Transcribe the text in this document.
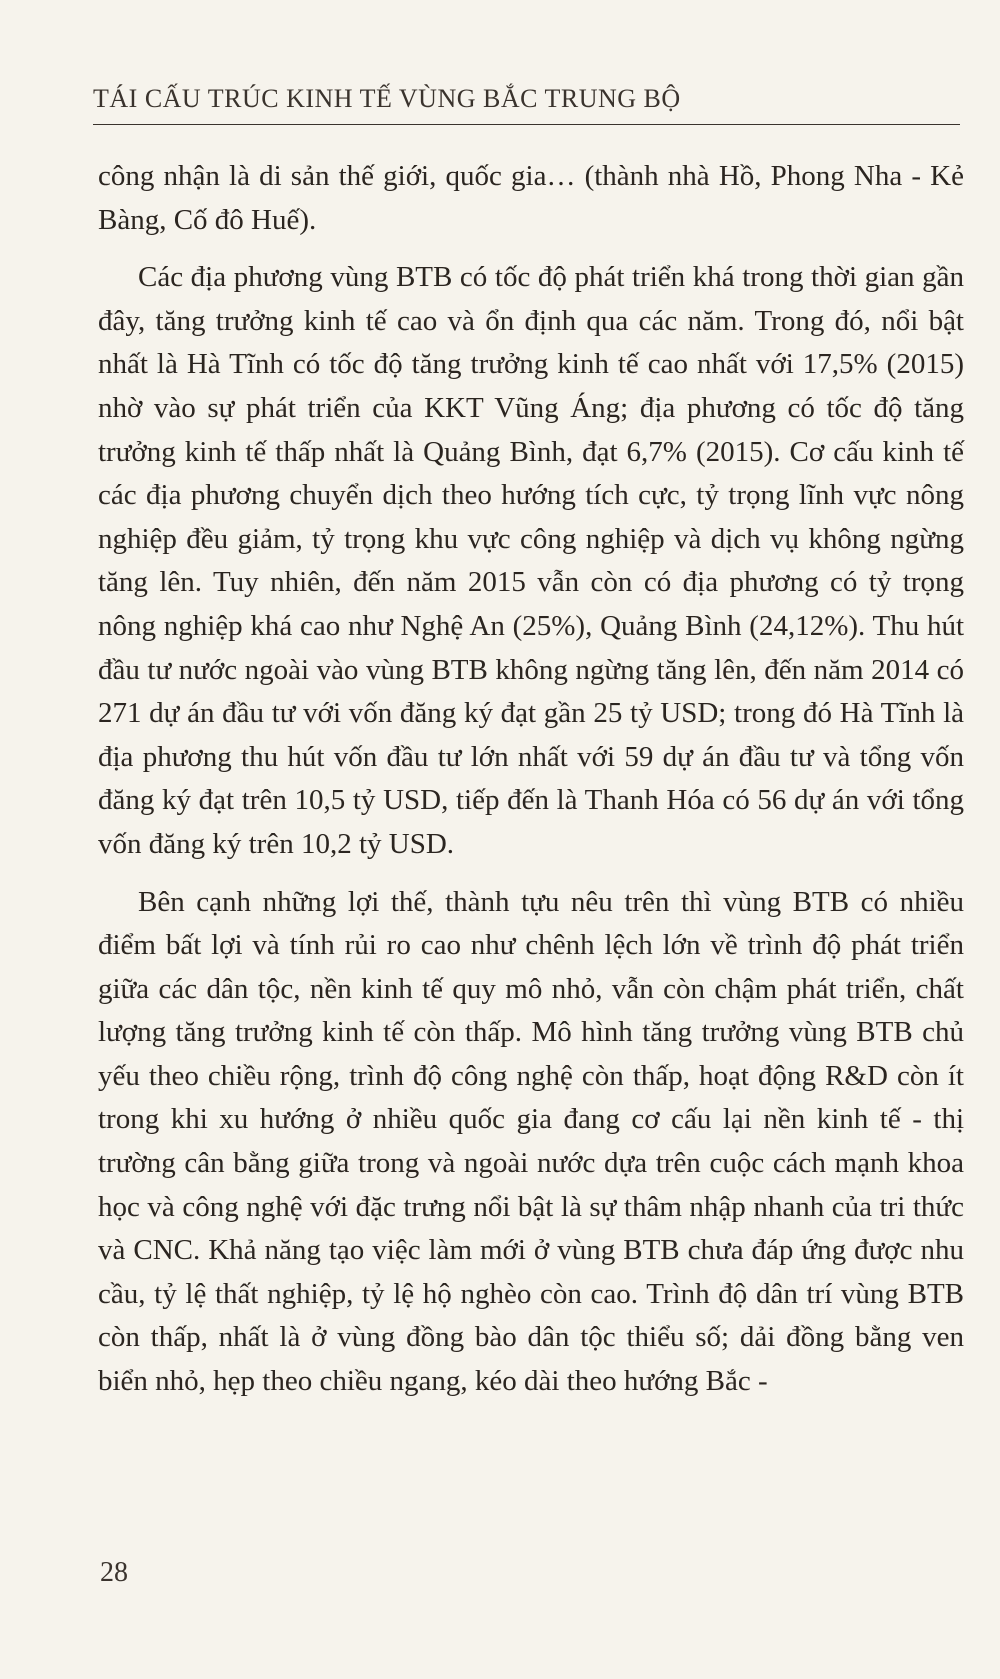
TÁI CẤU TRÚC KINH TẾ VÙNG BẮC TRUNG BỘ

công nhận là di sản thế giới, quốc gia… (thành nhà Hồ, Phong Nha - Kẻ Bàng, Cố đô Huế).

Các địa phương vùng BTB có tốc độ phát triển khá trong thời gian gần đây, tăng trưởng kinh tế cao và ổn định qua các năm. Trong đó, nổi bật nhất là Hà Tĩnh có tốc độ tăng trưởng kinh tế cao nhất với 17,5% (2015) nhờ vào sự phát triển của KKT Vũng Áng; địa phương có tốc độ tăng trưởng kinh tế thấp nhất là Quảng Bình, đạt 6,7% (2015). Cơ cấu kinh tế các địa phương chuyển dịch theo hướng tích cực, tỷ trọng lĩnh vực nông nghiệp đều giảm, tỷ trọng khu vực công nghiệp và dịch vụ không ngừng tăng lên. Tuy nhiên, đến năm 2015 vẫn còn có địa phương có tỷ trọng nông nghiệp khá cao như Nghệ An (25%), Quảng Bình (24,12%). Thu hút đầu tư nước ngoài vào vùng BTB không ngừng tăng lên, đến năm 2014 có 271 dự án đầu tư với vốn đăng ký đạt gần 25 tỷ USD; trong đó Hà Tĩnh là địa phương thu hút vốn đầu tư lớn nhất với 59 dự án đầu tư và tổng vốn đăng ký đạt trên 10,5 tỷ USD, tiếp đến là Thanh Hóa có 56 dự án với tổng vốn đăng ký trên 10,2 tỷ USD.

Bên cạnh những lợi thế, thành tựu nêu trên thì vùng BTB có nhiều điểm bất lợi và tính rủi ro cao như chênh lệch lớn về trình độ phát triển giữa các dân tộc, nền kinh tế quy mô nhỏ, vẫn còn chậm phát triển, chất lượng tăng trưởng kinh tế còn thấp. Mô hình tăng trưởng vùng BTB chủ yếu theo chiều rộng, trình độ công nghệ còn thấp, hoạt động R&D còn ít trong khi xu hướng ở nhiều quốc gia đang cơ cấu lại nền kinh tế - thị trường cân bằng giữa trong và ngoài nước dựa trên cuộc cách mạnh khoa học và công nghệ với đặc trưng nổi bật là sự thâm nhập nhanh của tri thức và CNC. Khả năng tạo việc làm mới ở vùng BTB chưa đáp ứng được nhu cầu, tỷ lệ thất nghiệp, tỷ lệ hộ nghèo còn cao. Trình độ dân trí vùng BTB còn thấp, nhất là ở vùng đồng bào dân tộc thiểu số; dải đồng bằng ven biển nhỏ, hẹp theo chiều ngang, kéo dài theo hướng Bắc -

28
